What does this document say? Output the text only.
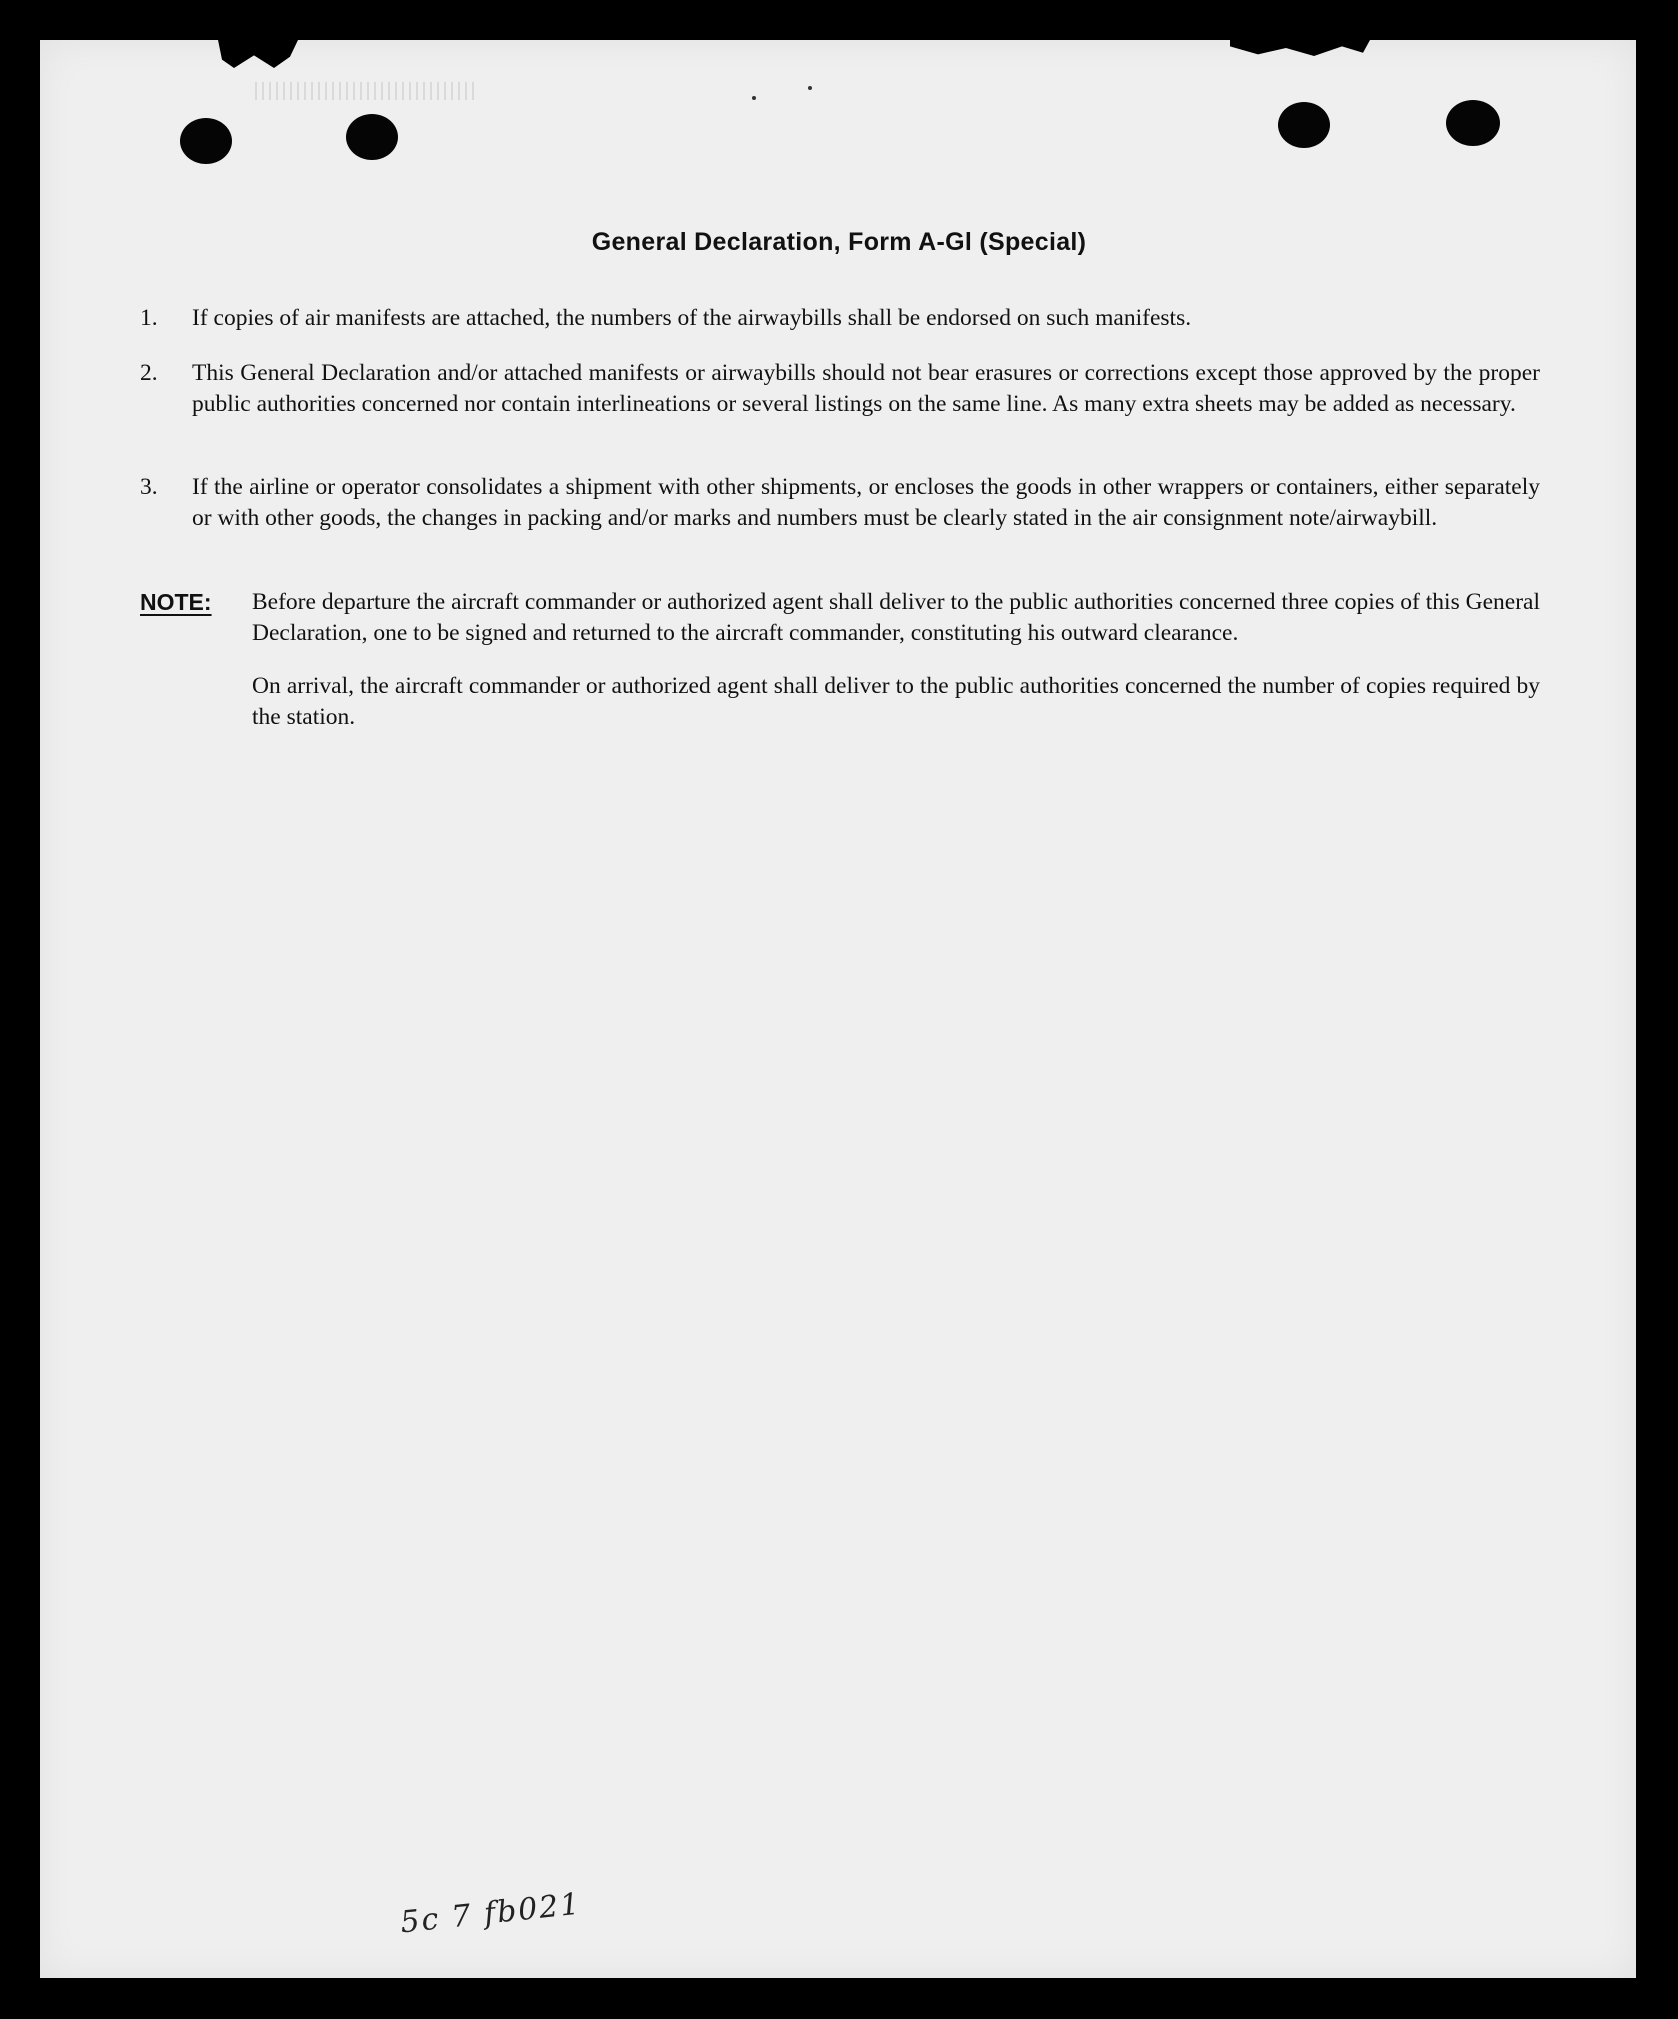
General Declaration, Form A-Gl (Special)
1.	If copies of air manifests are attached, the numbers of the airwaybills shall be endorsed on such manifests.
2.	This General Declaration and/or attached manifests or airwaybills should not bear erasures or corrections except those approved by the proper public authorities concerned nor contain interlineations or several listings on the same line. As many extra sheets may be added as necessary.
3.	If the airline or operator consolidates a shipment with other shipments, or encloses the goods in other wrappers or containers, either separately or with other goods, the changes in packing and/or marks and numbers must be clearly stated in the air consignment note/airwaybill.
NOTE: Before departure the aircraft commander or authorized agent shall deliver to the public authorities concerned three copies of this General Declaration, one to be signed and returned to the aircraft commander, constituting his outward clearance.
On arrival, the aircraft commander or authorized agent shall deliver to the public authorities concerned the number of copies required by the station.
5c 7 fb021
